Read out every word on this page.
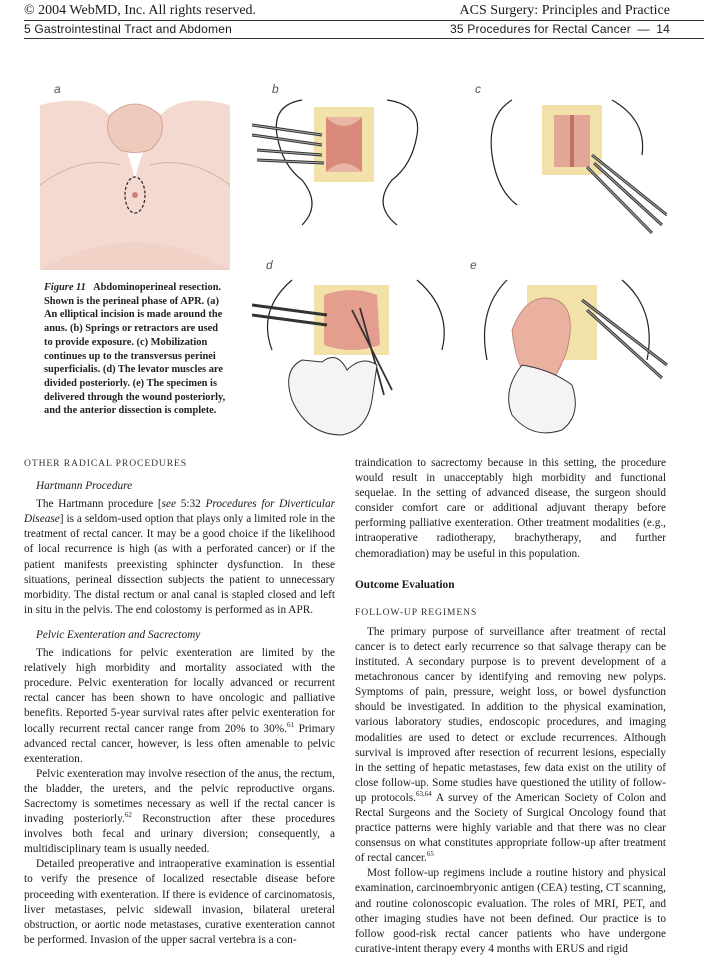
© 2004 WebMD, Inc. All rights reserved.	ACS Surgery: Principles and Practice
5 Gastrointestinal Tract and Abdomen	35 Procedures for Rectal Cancer — 14
a	b	c
d	e
Figure 11 Abdominoperineal resection. Shown is the perineal phase of APR. (a) An elliptical incision is made around the anus. (b) Springs or retractors are used to provide exposure. (c) Mobilization continues up to the transversus perinei superficialis. (d) The levator muscles are divided posteriorly. (e) The specimen is delivered through the wound posteriorly, and the anterior dissection is complete.
OTHER RADICAL PROCEDURES
Hartmann Procedure

The Hartmann procedure [see 5:32 Procedures for Diverticular Disease] is a seldom-used option that plays only a limited role in the treatment of rectal cancer. It may be a good choice if the likelihood of local recurrence is high (as with a perforated cancer) or if the patient manifests preexisting sphincter dysfunction. In these situations, perineal dissection subjects the patient to unnecessary morbidity. The distal rectum or anal canal is stapled closed and left in situ in the pelvis. The end colostomy is performed as in APR.

Pelvic Exenteration and Sacrectomy

The indications for pelvic exenteration are limited by the relatively high morbidity and mortality associated with the procedure. Pelvic exenteration for locally advanced or recurrent rectal cancer has been shown to have oncologic and palliative benefits. Reported 5-year survival rates after pelvic exenteration for locally recurrent rectal cancer range from 20% to 30%.$^{61}$ Primary advanced rectal cancer, however, is less often amenable to pelvic exenteration.

Pelvic exenteration may involve resection of the anus, the rectum, the bladder, the ureters, and the pelvic reproductive organs. Sacrectomy is sometimes necessary as well if the rectal cancer is invading posteriorly.$^{62}$ Reconstruction after these procedures involves both fecal and urinary diversion; consequently, a multidisciplinary team is usually needed.

Detailed preoperative and intraoperative examination is essential to verify the presence of localized resectable disease before proceeding with exenteration. If there is evidence of carcinomatosis, liver metastases, pelvic sidewall invasion, bilateral ureteral obstruction, or aortic node metastases, curative exenteration cannot be performed. Invasion of the upper sacral vertebra is a con-

traindication to sacrectomy because in this setting, the procedure would result in unacceptably high morbidity and functional sequelae. In the setting of advanced disease, the surgeon should consider comfort care or additional adjuvant therapy before performing palliative exenteration. Other treatment modalities (e.g., intraoperative radiotherapy, brachytherapy, and further chemoradiation) may be useful in this population.

Outcome Evaluation
FOLLOW-UP REGIMENS

The primary purpose of surveillance after treatment of rectal cancer is to detect early recurrence so that salvage therapy can be instituted. A secondary purpose is to prevent development of a metachronous cancer by identifying and removing new polyps. Symptoms of pain, pressure, weight loss, or bowel dysfunction should be investigated. In addition to the physical examination, various laboratory studies, endoscopic procedures, and imaging modalities are used to detect or exclude recurrences. Although survival is improved after resection of recurrent lesions, especially in the setting of hepatic metastases, few data exist on the utility of close follow-up. Some studies have questioned the utility of follow-up protocols.$^{63,64}$ A survey of the American Society of Colon and Rectal Surgeons and the Society of Surgical Oncology found that practice patterns were highly variable and that there was no clear consensus on what constitutes appropriate follow-up after treatment of rectal cancer.$^{65}$

Most follow-up regimens include a routine history and physical examination, carcinoembryonic antigen (CEA) testing, CT scanning, and routine colonoscopic evaluation. The roles of MRI, PET, and other imaging studies have not been defined. Our practice is to follow good-risk rectal cancer patients who have undergone curative-intent therapy every 4 months with ERUS and rigid
